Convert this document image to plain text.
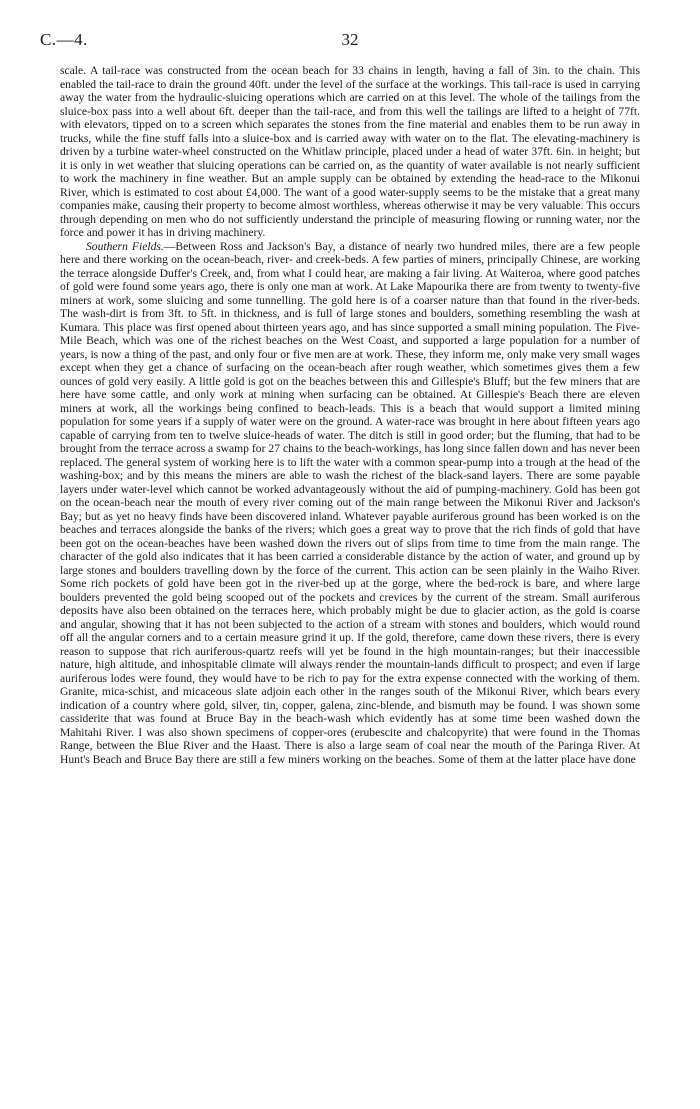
C.—4.	32

scale. A tail-race was constructed from the ocean beach for 33 chains in length, having a fall of 3in. to the chain. This enabled the tail-race to drain the ground 40ft. under the level of the surface at the workings. This tail-race is used in carrying away the water from the hydraulic-sluicing operations which are carried on at this level. The whole of the tailings from the sluice-box pass into a well about 6ft. deeper than the tail-race, and from this well the tailings are lifted to a height of 77ft. with elevators, tipped on to a screen which separates the stones from the fine material and enables them to be run away in trucks, while the fine stuff falls into a sluice-box and is carried away with water on to the flat. The elevating-machinery is driven by a turbine water-wheel constructed on the Whitlaw principle, placed under a head of water 37ft. 6in. in height; but it is only in wet weather that sluicing operations can be carried on, as the quantity of water available is not nearly sufficient to work the machinery in fine weather. But an ample supply can be obtained by extending the head-race to the Mikonui River, which is estimated to cost about £4,000. The want of a good water-supply seems to be the mistake that a great many companies make, causing their property to become almost worthless, whereas otherwise it may be very valuable. This occurs through depending on men who do not sufficiently understand the principle of measuring flowing or running water, nor the force and power it has in driving machinery.

Southern Fields.—Between Ross and Jackson's Bay, a distance of nearly two hundred miles, there are a few people here and there working on the ocean-beach, river- and creek-beds. A few parties of miners, principally Chinese, are working the terrace alongside Duffer's Creek, and, from what I could hear, are making a fair living. At Waiteroa, where good patches of gold were found some years ago, there is only one man at work. At Lake Mapourika there are from twenty to twenty-five miners at work, some sluicing and some tunnelling. The gold here is of a coarser nature than that found in the river-beds. The wash-dirt is from 3ft. to 5ft. in thickness, and is full of large stones and boulders, something resembling the wash at Kumara. This place was first opened about thirteen years ago, and has since supported a small mining population. The Five-Mile Beach, which was one of the richest beaches on the West Coast, and supported a large population for a number of years, is now a thing of the past, and only four or five men are at work. These, they inform me, only make very small wages except when they get a chance of surfacing on the ocean-beach after rough weather, which sometimes gives them a few ounces of gold very easily. A little gold is got on the beaches between this and Gillespie's Bluff; but the few miners that are here have some cattle, and only work at mining when surfacing can be obtained. At Gillespie's Beach there are eleven miners at work, all the workings being confined to beach-leads. This is a beach that would support a limited mining population for some years if a supply of water were on the ground. A water-race was brought in here about fifteen years ago capable of carrying from ten to twelve sluice-heads of water. The ditch is still in good order; but the fluming, that had to be brought from the terrace across a swamp for 27 chains to the beach-workings, has long since fallen down and has never been replaced. The general system of working here is to lift the water with a common spear-pump into a trough at the head of the washing-box; and by this means the miners are able to wash the richest of the black-sand layers. There are some payable layers under water-level which cannot be worked advantageously without the aid of pumping-machinery. Gold has been got on the ocean-beach near the mouth of every river coming out of the main range between the Mikonui River and Jackson's Bay; but as yet no heavy finds have been discovered inland. Whatever payable auriferous ground has been worked is on the beaches and terraces alongside the banks of the rivers; which goes a great way to prove that the rich finds of gold that have been got on the ocean-beaches have been washed down the rivers out of slips from time to time from the main range. The character of the gold also indicates that it has been carried a considerable distance by the action of water, and ground up by large stones and boulders travelling down by the force of the current. This action can be seen plainly in the Waiho River. Some rich pockets of gold have been got in the river-bed up at the gorge, where the bed-rock is bare, and where large boulders prevented the gold being scooped out of the pockets and crevices by the current of the stream. Small auriferous deposits have also been obtained on the terraces here, which probably might be due to glacier action, as the gold is coarse and angular, showing that it has not been subjected to the action of a stream with stones and boulders, which would round off all the angular corners and to a certain measure grind it up. If the gold, therefore, came down these rivers, there is every reason to suppose that rich auriferous-quartz reefs will yet be found in the high mountain-ranges; but their inaccessible nature, high altitude, and inhospitable climate will always render the mountain-lands difficult to prospect; and even if large auriferous lodes were found, they would have to be rich to pay for the extra expense connected with the working of them. Granite, mica-schist, and micaceous slate adjoin each other in the ranges south of the Mikonui River, which bears every indication of a country where gold, silver, tin, copper, galena, zinc-blende, and bismuth may be found. I was shown some cassiderite that was found at Bruce Bay in the beach-wash which evidently has at some time been washed down the Mahitahi River. I was also shown specimens of copper-ores (erubescite and chalcopyrite) that were found in the Thomas Range, between the Blue River and the Haast. There is also a large seam of coal near the mouth of the Paringa River. At Hunt's Beach and Bruce Bay there are still a few miners working on the beaches. Some of them at the latter place have done
